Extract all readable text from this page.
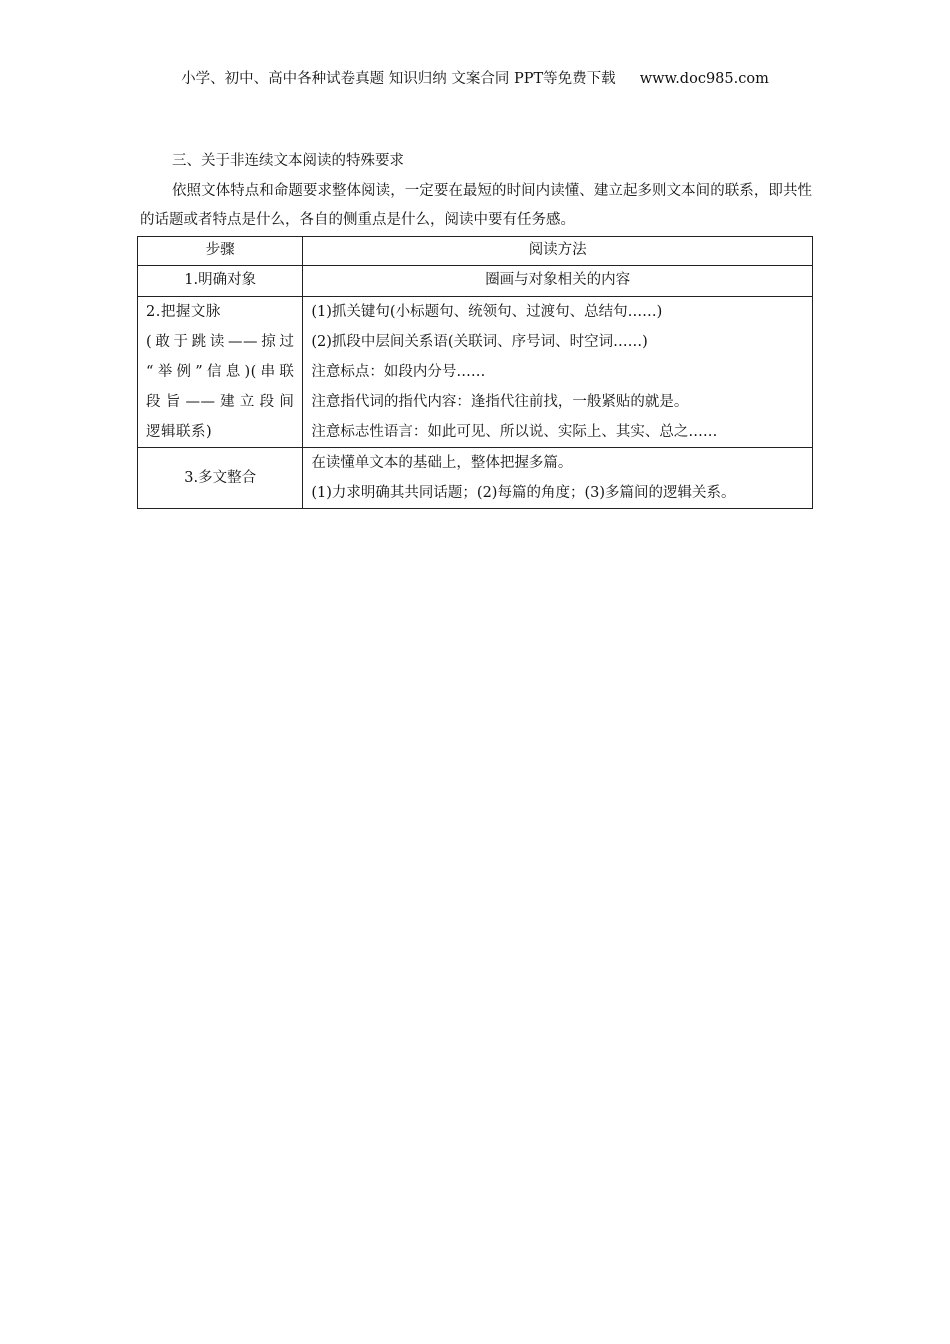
小学、初中、高中各种试卷真题 知识归纳 文案合同 PPT等免费下载 www.doc985.com
三、关于非连续文本阅读的特殊要求

依照文体特点和命题要求整体阅读，一定要在最短的时间内读懂、建立起多则文本间的联系，即共性的话题或者特点是什么，各自的侧重点是什么，阅读中要有任务感。

步骤	阅读方法
1.明确对象	圈画与对象相关的内容

2.把握文脉
(敢于跳读——掠过
“举例”信息)(串联
段旨——建立段间
逻辑联系)	(1)抓关键句(小标题句、统领句、过渡句、总结句……)
(2)抓段中层间关系语(关联词、序号词、时空词……)
注意标点：如段内分号……
注意指代词的指代内容：逢指代往前找，一般紧贴的就是。
注意标志性语言：如此可见、所以说、实际上、其实、总之……

3.多文整合	在读懂单文本的基础上，整体把握多篇。
(1)力求明确其共同话题；(2)每篇的角度；(3)多篇间的逻辑关系。
